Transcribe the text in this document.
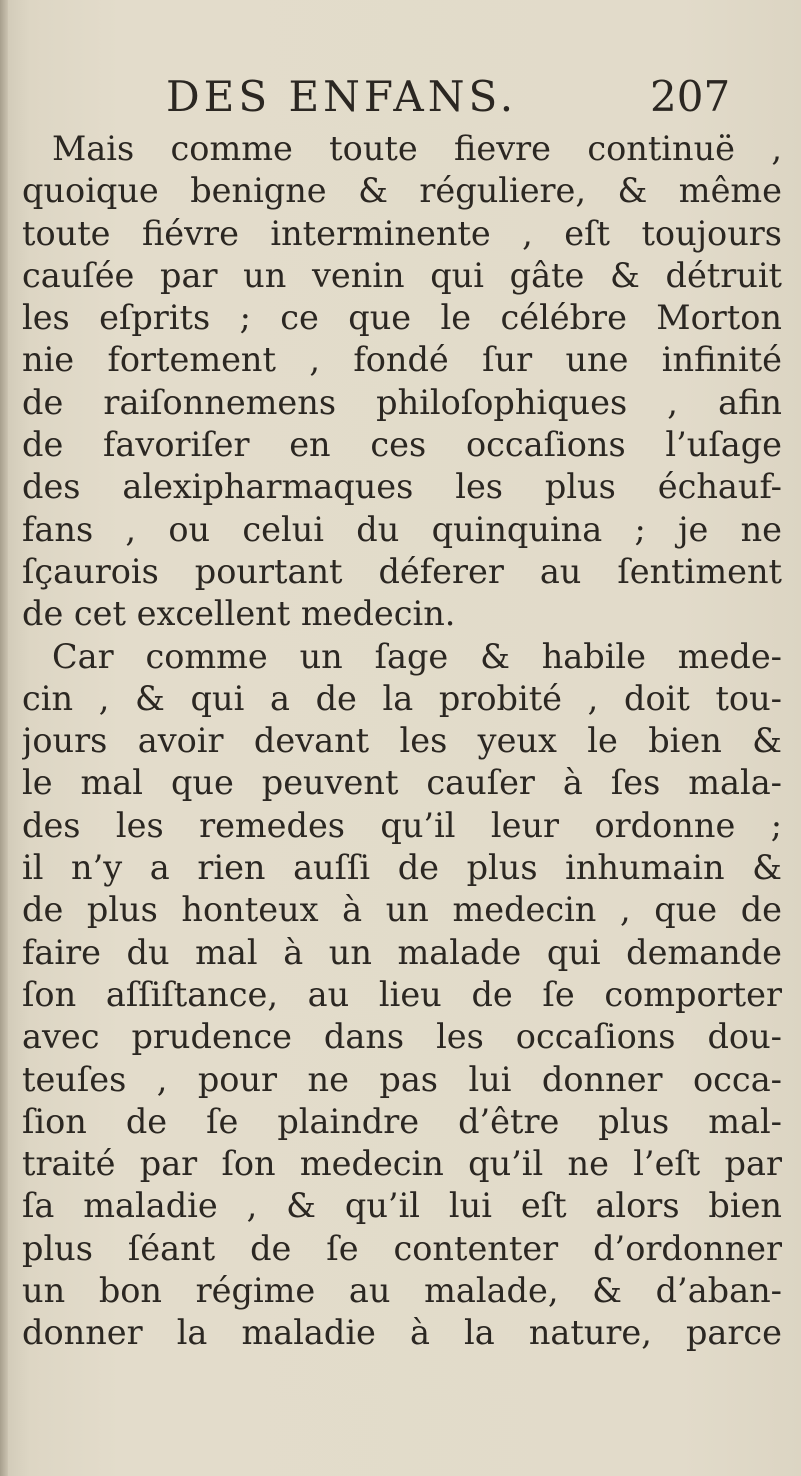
DES ENFANS.	207
Mais comme toute fievre continuë ,
quoique benigne & réguliere, & même
toute fiévre interminente , eſt toujours
cauſée par un venin qui gâte & détruit
les eſprits ; ce que le célébre Morton
nie fortement , fondé ſur une infinité
de raiſonnemens philoſophiques , afin
de favoriſer en ces occaſions l’uſage
des alexipharmaques les plus échauf-
fans , ou celui du quinquina ; je ne
ſçaurois pourtant déferer au ſentiment
de cet excellent medecin.
Car comme un ſage & habile mede-
cin , & qui a de la probité , doit tou-
jours avoir devant les yeux le bien &
le mal que peuvent cauſer à ſes mala-
des les remedes qu’il leur ordonne ;
il n’y a rien auſſi de plus inhumain &
de plus honteux à un medecin , que de
faire du mal à un malade qui demande
ſon aſſiſtance, au lieu de ſe comporter
avec prudence dans les occaſions dou-
teuſes , pour ne pas lui donner occa-
ſion de ſe plaindre d’être plus mal-
traité par ſon medecin qu’il ne l’eſt par
ſa maladie , & qu’il lui eſt alors bien
plus ſéant de ſe contenter d’ordonner
un bon régime au malade, & d’aban-
donner la maladie à la nature, parce
